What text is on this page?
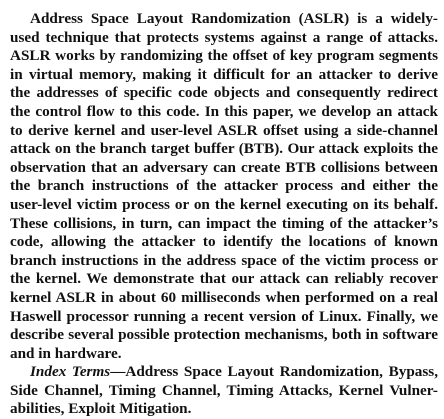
Address Space Layout Randomization (ASLR) is a widely-
used technique that protects systems against a range of attacks.
ASLR works by randomizing the offset of key program segments
in virtual memory, making it difficult for an attacker to derive
the addresses of specific code objects and consequently redirect
the control flow to this code. In this paper, we develop an attack
to derive kernel and user-level ASLR offset using a side-channel
attack on the branch target buffer (BTB). Our attack exploits the
observation that an adversary can create BTB collisions between
the branch instructions of the attacker process and either the
user-level victim process or on the kernel executing on its behalf.
These collisions, in turn, can impact the timing of the attacker’s
code, allowing the attacker to identify the locations of known
branch instructions in the address space of the victim process or
the kernel. We demonstrate that our attack can reliably recover
kernel ASLR in about 60 milliseconds when performed on a real
Haswell processor running a recent version of Linux. Finally, we
describe several possible protection mechanisms, both in software
and in hardware.
Index Terms—Address Space Layout Randomization, Bypass,
Side Channel, Timing Channel, Timing Attacks, Kernel Vulner-
abilities, Exploit Mitigation.
